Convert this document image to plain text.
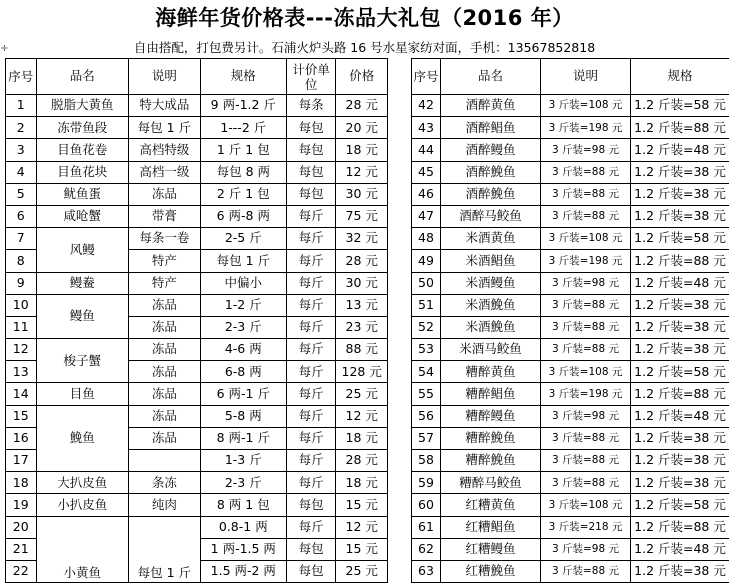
海鲜年货价格表---冻品大礼包（2016 年）
自由搭配，打包费另计。石浦火炉头路 16 号水星家纺对面，手机：13567852818
✛
序号	品名	说明	规格	计价单位	价格
1	脱脂大黄鱼	特大成品	9 两-1.2 斤	每条	28 元
2	冻带鱼段	每包 1 斤	1---2 斤	每包	20 元
3	目鱼花卷	高档特级	1 斤 1 包	每包	18 元
4	目鱼花块	高档一级	每包 8 两	每包	12 元
5	鱿鱼蛋	冻品	2 斤 1 包	每包	30 元
6	咸呛蟹	带膏	6 两-8 两	每斤	75 元
7	风鳗	每条一卷	2-5 斤	每斤	32 元
8		特产	每包 1 斤	每斤	28 元
9	鳗鲞	特产	中偏小	每斤	30 元
10	鳗鱼	冻品	1-2 斤	每斤	13 元
11		冻品	2-3 斤	每斤	23 元
12	梭子蟹	冻品	4-6 两	每斤	88 元
13		冻品	6-8 两	每斤	128 元
14	目鱼	冻品	6 两-1 斤	每斤	25 元
15	鮸鱼	冻品	5-8 两	每斤	12 元
16		冻品	8 两-1 斤	每斤	18 元
17			1-3 斤	每斤	28 元
18	大扒皮鱼	条冻	2-3 斤	每斤	18 元
19	小扒皮鱼	纯肉	8 两 1 包	每包	15 元
20	小黄鱼	每包 1 斤	0.8-1 两	每斤	12 元
21			1 两-1.5 两	每包	15 元
22			1.5 两-2 两	每包	25 元
序号	品名	说明	规格
42	酒醉黄鱼	3 斤装=108 元	1.2 斤装=58 元
43	酒醉鲳鱼	3 斤装=198 元	1.2 斤装=88 元
44	酒醉鳗鱼	3 斤装=98 元	1.2 斤装=48 元
45	酒醉鮸鱼	3 斤装=88 元	1.2 斤装=38 元
46	酒醉鮸鱼	3 斤装=88 元	1.2 斤装=38 元
47	酒醉马鲛鱼	3 斤装=88 元	1.2 斤装=38 元
48	米酒黄鱼	3 斤装=108 元	1.2 斤装=58 元
49	米酒鲳鱼	3 斤装=198 元	1.2 斤装=88 元
50	米酒鳗鱼	3 斤装=98 元	1.2 斤装=48 元
51	米酒鮸鱼	3 斤装=88 元	1.2 斤装=38 元
52	米酒鮸鱼	3 斤装=88 元	1.2 斤装=38 元
53	米酒马鲛鱼	3 斤装=88 元	1.2 斤装=38 元
54	糟醉黄鱼	3 斤装=108 元	1.2 斤装=58 元
55	糟醉鲳鱼	3 斤装=198 元	1.2 斤装=88 元
56	糟醉鳗鱼	3 斤装=98 元	1.2 斤装=48 元
57	糟醉鮸鱼	3 斤装=88 元	1.2 斤装=38 元
58	糟醉鮸鱼	3 斤装=88 元	1.2 斤装=38 元
59	糟醉马鲛鱼	3 斤装=88 元	1.2 斤装=38 元
60	红糟黄鱼	3 斤装=108 元	1.2 斤装=58 元
61	红糟鲳鱼	3 斤装=218 元	1.2 斤装=88 元
62	红糟鳗鱼	3 斤装=98 元	1.2 斤装=48 元
63	红糟鮸鱼	3 斤装=88 元	1.2 斤装=38 元
